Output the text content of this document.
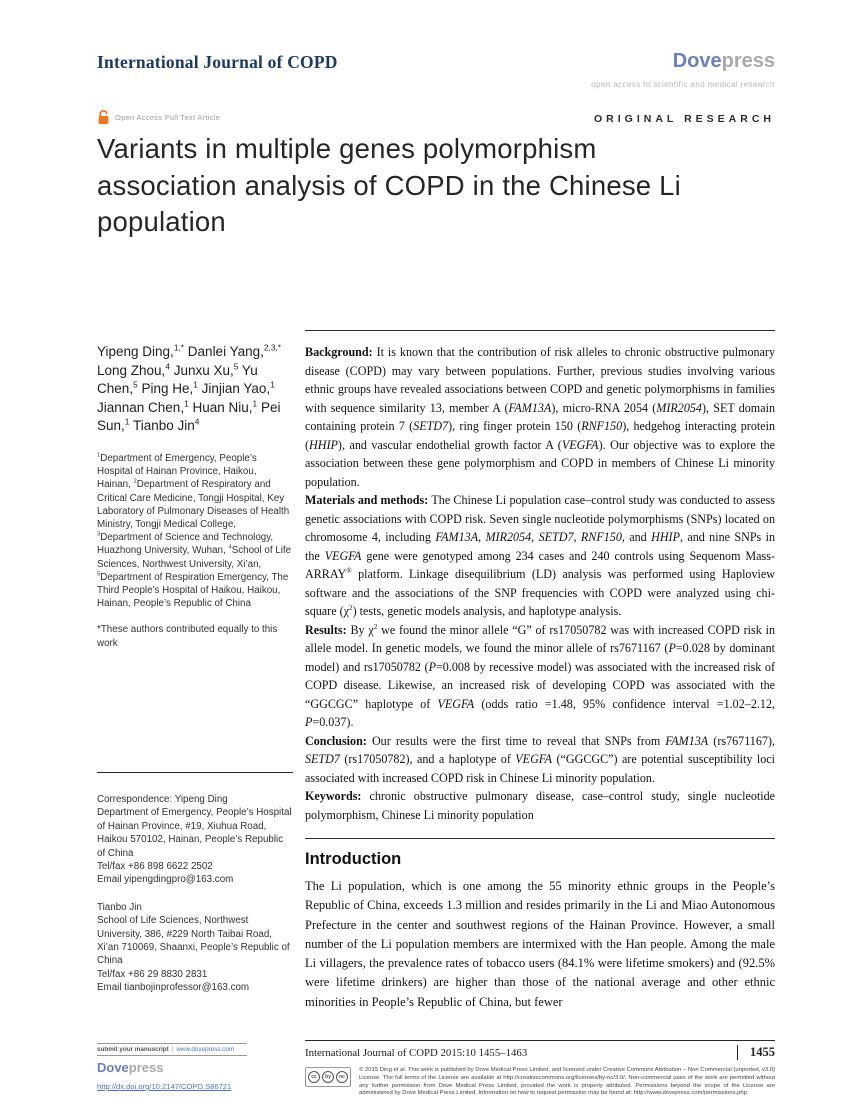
International Journal of COPD	Dovepress
open access to scientific and medical research
Open Access Full Text Article	ORIGINAL RESEARCH
Variants in multiple genes polymorphism association analysis of COPD in the Chinese Li population
Yipeng Ding,$^{1,*}$ Danlei Yang,$^{2,3,*}$ Long Zhou,$^4$ Junxu Xu,$^5$ Yu Chen,$^5$ Ping He,$^1$ Jinjian Yao,$^1$ Jiannan Chen,$^1$ Huan Niu,$^1$ Pei Sun,$^1$ Tianbo Jin$^4$
$^1$Department of Emergency, People’s Hospital of Hainan Province, Haikou, Hainan, $^2$Department of Respiratory and Critical Care Medicine, Tongji Hospital, Key Laboratory of Pulmonary Diseases of Health Ministry, Tongji Medical College, $^3$Department of Science and Technology, Huazhong University, Wuhan, $^4$School of Life Sciences, Northwest University, Xi’an, $^5$Department of Respiration Emergency, The Third People’s Hospital of Haikou, Haikou, Hainan, People’s Republic of China
*These authors contributed equally to this work
Correspondence: Yipeng Ding
Department of Emergency, People’s Hospital of Hainan Province, #19, Xiuhua Road, Haikou 570102, Hainan, People’s Republic of China
Tel/fax +86 898 6622 2502
Email yipengdingpro@163.com
Tianbo Jin
School of Life Sciences, Northwest University, 386, #229 North Taibai Road, Xi’an 710069, Shaanxi, People’s Republic of China
Tel/fax +86 29 8830 2831
Email tianbojinprofessor@163.com

Background: It is known that the contribution of risk alleles to chronic obstructive pulmonary disease (COPD) may vary between populations. Further, previous studies involving various ethnic groups have revealed associations between COPD and genetic polymorphisms in families with sequence similarity 13, member A (FAM13A), micro-RNA 2054 (MIR2054), SET domain containing protein 7 (SETD7), ring finger protein 150 (RNF150), hedgehog interacting protein (HHIP), and vascular endothelial growth factor A (VEGFA). Our objective was to explore the association between these gene polymorphism and COPD in members of Chinese Li minority population.

Materials and methods: The Chinese Li population case–control study was conducted to assess genetic associations with COPD risk. Seven single nucleotide polymorphisms (SNPs) located on chromosome 4, including FAM13A, MIR2054, SETD7, RNF150, and HHIP, and nine SNPs in the VEGFA gene were genotyped among 234 cases and 240 controls using Sequenom Mass-ARRAY® platform. Linkage disequilibrium (LD) analysis was performed using Haploview software and the associations of the SNP frequencies with COPD were analyzed using chi-square $(\chi^2)$ tests, genetic models analysis, and haplotype analysis.

Results: By $\chi^2$ we found the minor allele “G” of rs17050782 was with increased COPD risk in allele model. In genetic models, we found the minor allele of rs7671167 (P=0.028 by dominant model) and rs17050782 (P=0.008 by recessive model) was associated with the increased risk of COPD disease. Likewise, an increased risk of developing COPD was associated with the “GGCGC” haplotype of VEGFA (odds ratio =1.48, 95% confidence interval =1.02–2.12, P=0.037).

Conclusion: Our results were the first time to reveal that SNPs from FAM13A (rs7671167), SETD7 (rs17050782), and a haplotype of VEGFA (“GGCGC”) are potential susceptibility loci associated with increased COPD risk in Chinese Li minority population.

Keywords: chronic obstructive pulmonary disease, case–control study, single nucleotide polymorphism, Chinese Li minority population

Introduction

The Li population, which is one among the 55 minority ethnic groups in the People’s Republic of China, exceeds 1.3 million and resides primarily in the Li and Miao Autonomous Prefecture in the center and southwest regions of the Hainan Province. However, a small number of the Li population members are intermixed with the Han people. Among the male Li villagers, the prevalence rates of tobacco users (84.1% were lifetime smokers) and (92.5% were lifetime drinkers) are higher than those of the national average and other ethnic minorities in People’s Republic of China, but fewer

submit your manuscript | www.dovepress.com
Dovepress
http://dx.doi.org/10.2147/COPD.S86721
International Journal of COPD 2015:10 1455–1463	1455
cc	by	nc

© 2015 Ding et al. This work is published by Dove Medical Press Limited, and licensed under Creative Commons Attribution – Non Commercial (unported, v3.0) License. The full terms of the License are available at http://creativecommons.org/licenses/by-nc/3.0/. Non-commercial uses of the work are permitted without any further permission from Dove Medical Press Limited, provided the work is properly attributed. Permissions beyond the scope of the License are administered by Dove Medical Press Limited. Information on how to request permission may be found at: http://www.dovepress.com/permissions.php
